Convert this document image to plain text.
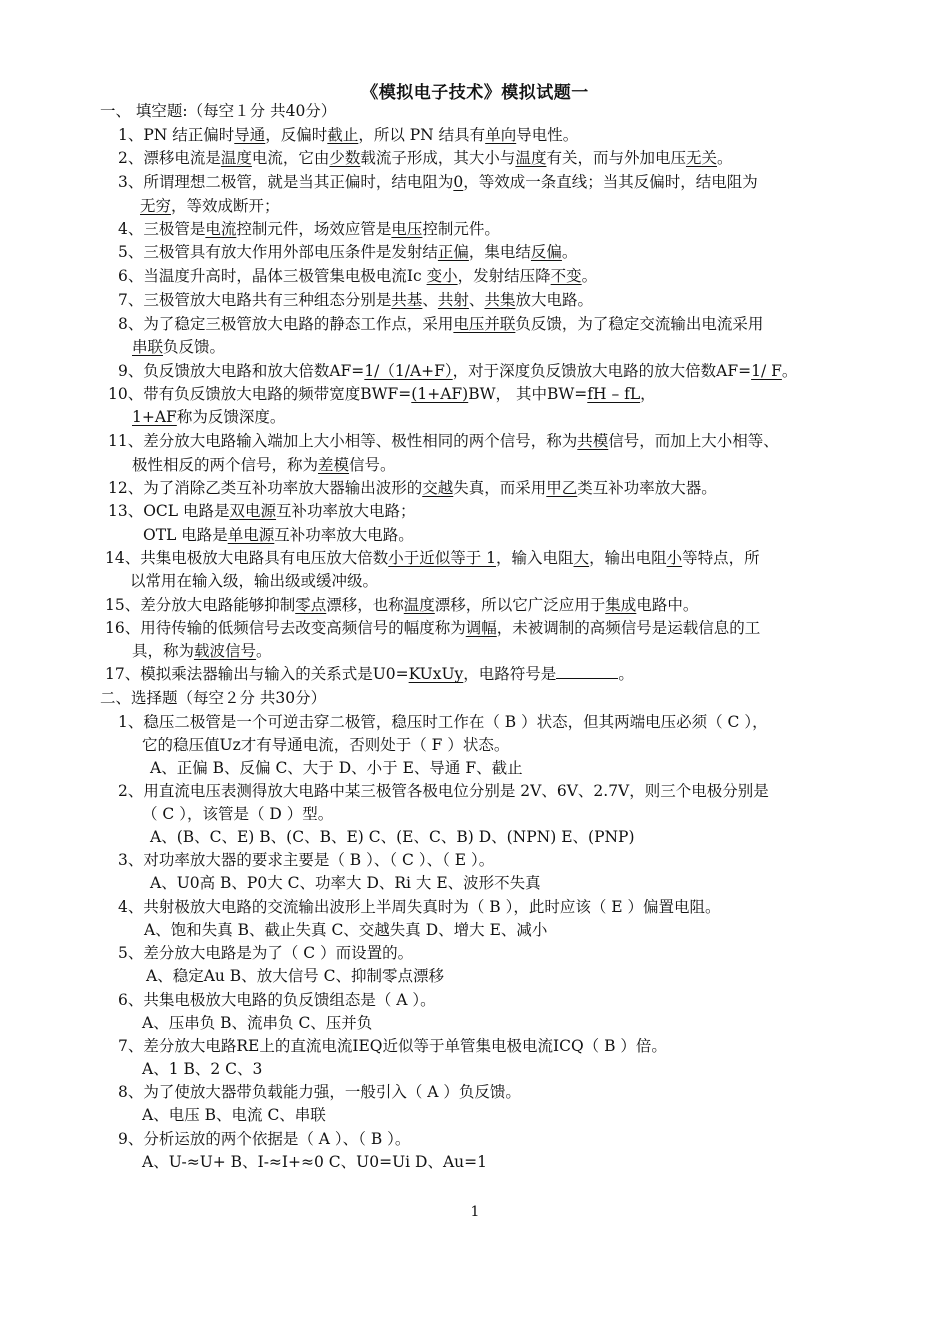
《模拟电子技术》模拟试题一
一、 填空题:（每空１分 共40分）
1、PN 结正偏时导通，反偏时截止，所以 PN 结具有单向导电性。
2、漂移电流是温度电流，它由少数载流子形成，其大小与温度有关，而与外加电压无关。
3、所谓理想二极管，就是当其正偏时，结电阻为0，等效成一条直线；当其反偏时，结电阻为
无穷，等效成断开；
4、三极管是电流控制元件，场效应管是电压控制元件。
5、三极管具有放大作用外部电压条件是发射结正偏，集电结反偏。
6、当温度升高时，晶体三极管集电极电流Ic 变小，发射结压降不变。
7、三极管放大电路共有三种组态分别是共基、共射、共集放大电路。
8、为了稳定三极管放大电路的静态工作点，采用电压并联负反馈，为了稳定交流输出电流采用
串联负反馈。
9、负反馈放大电路和放大倍数AF=1/（1/A+F），对于深度负反馈放大电路的放大倍数AF=1/ F。
10、带有负反馈放大电路的频带宽度BWF=(1+AF)BW， 其中BW=fH – fL，
1+AF称为反馈深度。
11、差分放大电路输入端加上大小相等、极性相同的两个信号，称为共模信号，而加上大小相等、
极性相反的两个信号，称为差模信号。
12、为了消除乙类互补功率放大器输出波形的交越失真，而采用甲乙类互补功率放大器。
13、OCL 电路是双电源互补功率放大电路；
OTL 电路是单电源互补功率放大电路。
14、共集电极放大电路具有电压放大倍数小于近似等于 1，输入电阻大，输出电阻小等特点，所
以常用在输入级，输出级或缓冲级。
15、差分放大电路能够抑制零点漂移，也称温度漂移，所以它广泛应用于集成电路中。
16、用待传输的低频信号去改变高频信号的幅度称为调幅，未被调制的高频信号是运载信息的工
具，称为载波信号。
17、模拟乘法器输出与输入的关系式是U0=KUxUy，电路符号是	。
二、选择题（每空２分 共30分）
1、稳压二极管是一个可逆击穿二极管，稳压时工作在（ B ）状态，但其两端电压必须（ C ），
它的稳压值Uz才有导通电流，否则处于（ F ）状态。
A、正偏 B、反偏 C、大于 D、小于 E、导通 F、截止
2、用直流电压表测得放大电路中某三极管各极电位分别是 2V、6V、2.7V，则三个电极分别是
（ C ），该管是（ D ）型。
A、(B、C、E) B、(C、B、E) C、(E、C、B) D、(NPN) E、(PNP)
3、对功率放大器的要求主要是（ B ）、（ C ）、（ E ）。
A、U0高 B、P0大 C、功率大 D、Ri 大 E、波形不失真
4、共射极放大电路的交流输出波形上半周失真时为（ B ），此时应该（ E ）偏置电阻。
A、饱和失真 B、截止失真 C、交越失真 D、增大 E、减小
5、差分放大电路是为了（ C ）而设置的。
A、稳定Au B、放大信号 C、抑制零点漂移
6、共集电极放大电路的负反馈组态是（ A ）。
A、压串负 B、流串负 C、压并负
7、差分放大电路RE上的直流电流IEQ近似等于单管集电极电流ICQ（ B ）倍。
A、1 B、2 C、3
8、为了使放大器带负载能力强，一般引入（ A ）负反馈。
A、电压 B、电流 C、串联
9、分析运放的两个依据是（ A ）、（ B ）。
A、U-≈U+ B、I-≈I+≈0 C、U0=Ui D、Au=1
1
